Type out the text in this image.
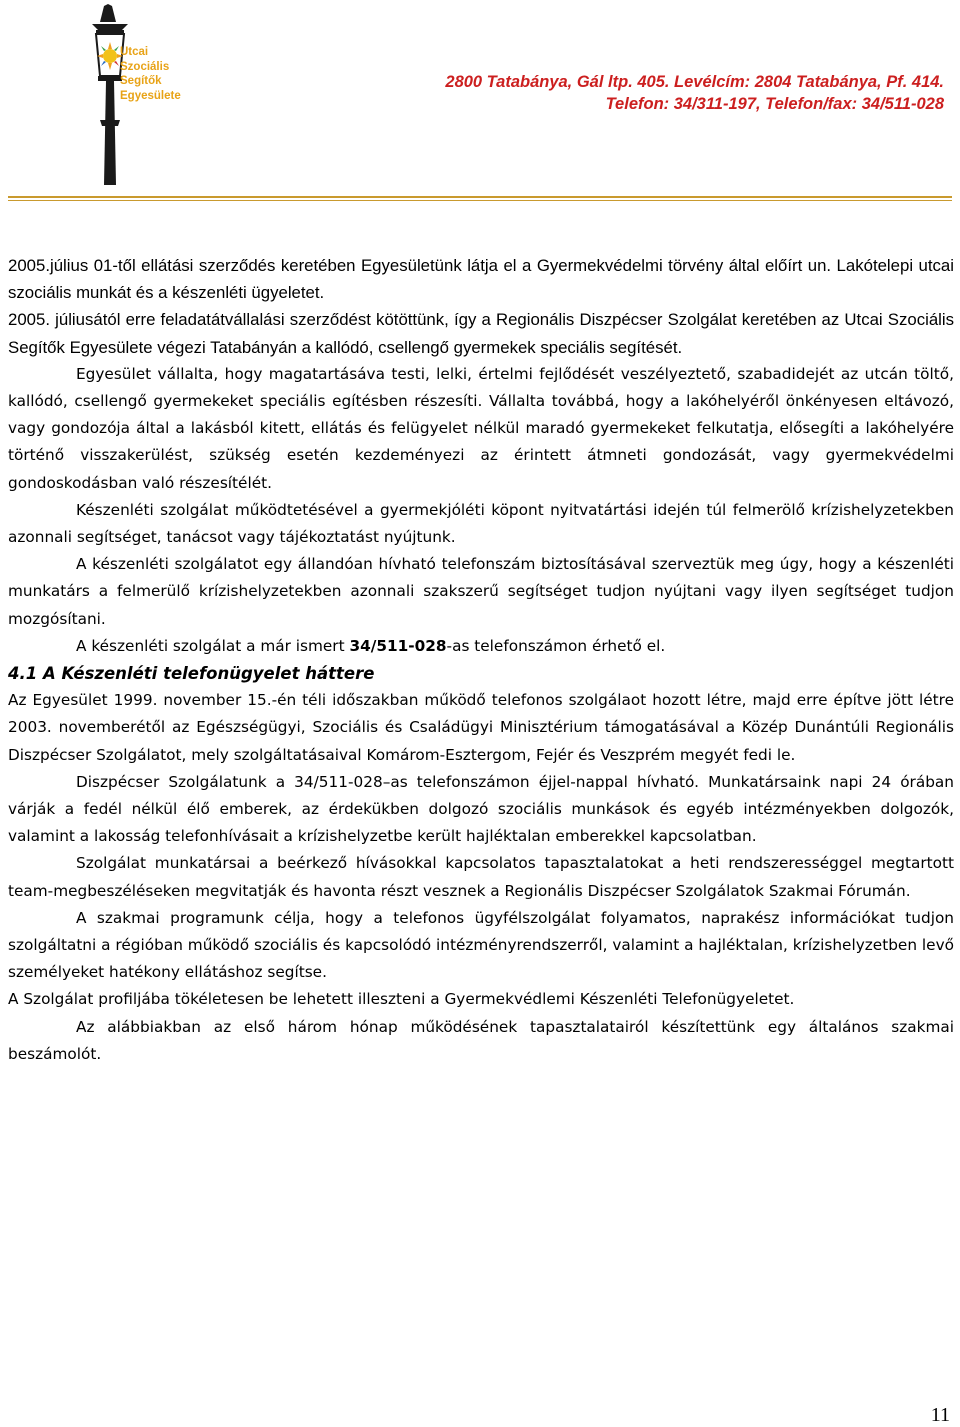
Utcai
Szociális
Segítők
Egyesülete
2800 Tatabánya, Gál ltp. 405. Levélcím: 2804 Tatabánya, Pf. 414.
Telefon: 34/311-197, Telefon/fax: 34/511-028

2005.július 01-től ellátási szerződés keretében Egyesületünk látja el a Gyermekvédelmi törvény által előírt un. Lakótelepi utcai szociális munkát és a készenléti ügyeletet.

2005. júliusától erre feladatátvállalási szerződést kötöttünk, így a Regionális Diszpécser Szolgálat keretében az Utcai Szociális Segítők Egyesülete végezi Tatabányán a kallódó, csellengő gyermekek speciális segítését.

Egyesület vállalta, hogy magatartásáva testi, lelki, értelmi fejlődését veszélyeztető, szabadidejét az utcán töltő, kallódó, csellengő gyermekeket speciális egítésben részesíti. Vállalta továbbá, hogy a lakóhelyéről önkényesen eltávozó, vagy gondozója által a lakásból kitett, ellátás és felügyelet nélkül maradó gyermekeket felkutatja, elősegíti a lakóhelyére történő visszakerülést, szükség esetén kezdeményezi az érintett átmneti gondozását, vagy gyermekvédelmi gondoskodásban való részesítélét.

Készenléti szolgálat működtetésével a gyermekjóléti köpont nyitvatártási idején túl felmerölő krízishelyzetekben azonnali segítséget, tanácsot vagy tájékoztatást nyújtunk.

A készenléti szolgálatot egy állandóan hívható telefonszám biztosításával szerveztük meg úgy, hogy a készenléti munkatárs a felmerülő krízishelyzetekben azonnali szakszerű segítséget tudjon nyújtani vagy ilyen segítséget tudjon mozgósítani.

A készenléti szolgálat a már ismert 34/511-028-as telefonszámon érhető el.

4.1 A Készenléti telefonügyelet háttere

Az Egyesület 1999. november 15.-én téli időszakban működő telefonos szolgálaot hozott létre, majd erre építve jött létre 2003. novemberétől az Egészségügyi, Szociális és Családügyi Minisztérium támogatásával a Közép Dunántúli Regionális Diszpécser Szolgálatot, mely szolgáltatásaival Komárom-Esztergom, Fejér és Veszprém megyét fedi le.

Diszpécser Szolgálatunk a 34/511-028–as telefonszámon éjjel-nappal hívható. Munkatársaink napi 24 órában várják a fedél nélkül élő emberek, az érdekükben dolgozó szociális munkások és egyéb intézményekben dolgozók, valamint a lakosság telefonhívásait a krízishelyzetbe került hajléktalan emberekkel kapcsolatban.

Szolgálat munkatársai a beérkező hívásokkal kapcsolatos tapasztalatokat a heti rendszerességgel megtartott team-megbeszéléseken megvitatják és havonta részt vesznek a Regionális Diszpécser Szolgálatok Szakmai Fórumán.

A szakmai programunk célja, hogy a telefonos ügyfélszolgálat folyamatos, naprakész információkat tudjon szolgáltatni a régióban működő szociális és kapcsolódó intézményrendszerről, valamint a hajléktalan, krízishelyzetben levő személyeket hatékony ellátáshoz segítse.

A Szolgálat profiljába tökéletesen be lehetett illeszteni a Gyermekvédlemi Készenléti Telefonügyeletet.

Az alábbiakban az első három hónap működésének tapasztalatairól készítettünk egy általános szakmai beszámolót.

11
